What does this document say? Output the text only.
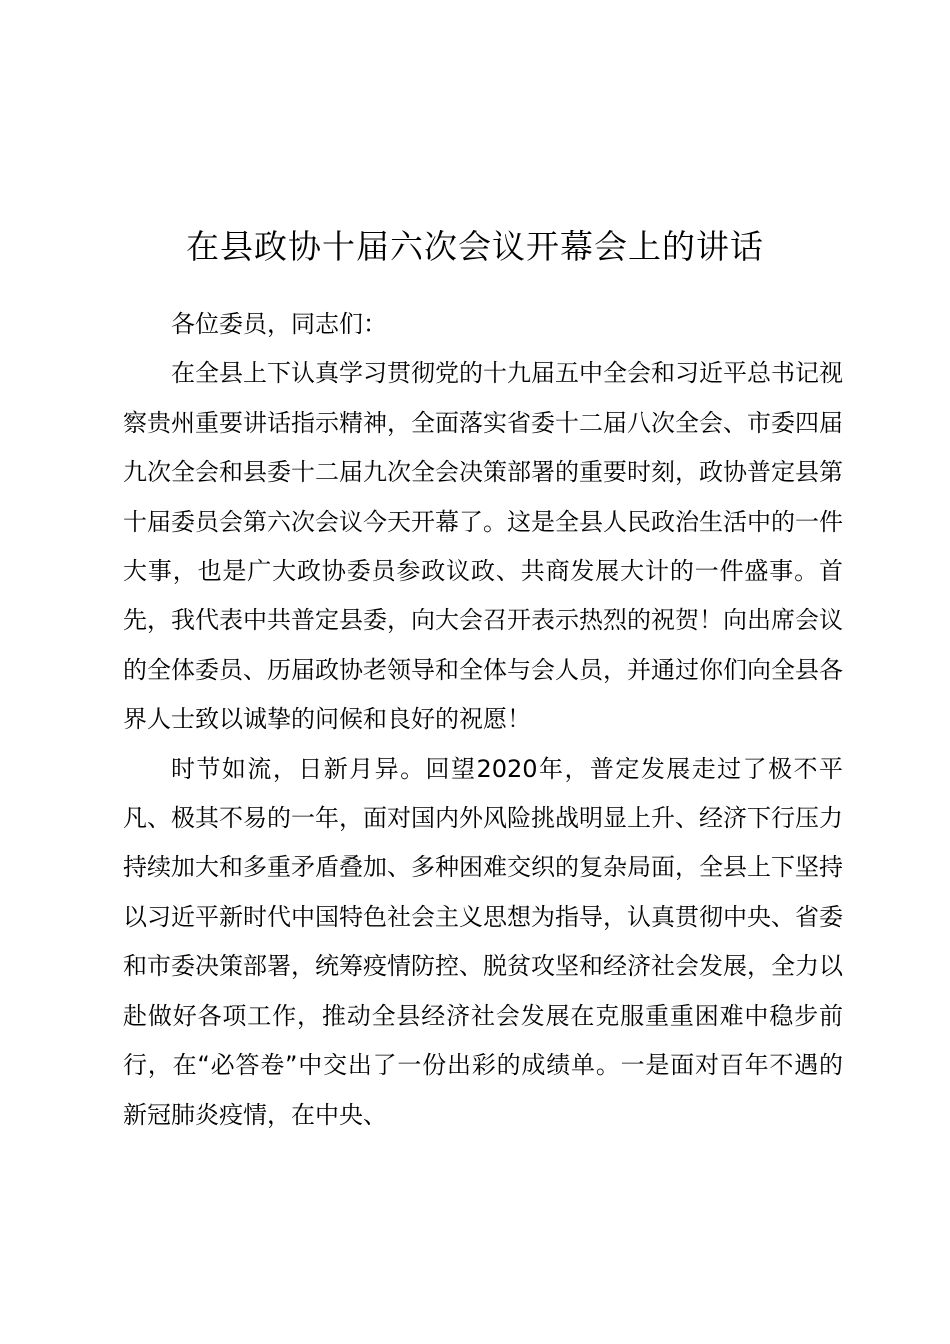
在县政协十届六次会议开幕会上的讲话

各位委员，同志们：

在全县上下认真学习贯彻党的十九届五中全会和习近平总书记视察贵州重要讲话指示精神，全面落实省委十二届八次全会、市委四届九次全会和县委十二届九次全会决策部署的重要时刻，政协普定县第十届委员会第六次会议今天开幕了。这是全县人民政治生活中的一件大事，也是广大政协委员参政议政、共商发展大计的一件盛事。首先，我代表中共普定县委，向大会召开表示热烈的祝贺！向出席会议的全体委员、历届政协老领导和全体与会人员，并通过你们向全县各界人士致以诚挚的问候和良好的祝愿！

时节如流，日新月异。回望2020年，普定发展走过了极不平凡、极其不易的一年，面对国内外风险挑战明显上升、经济下行压力持续加大和多重矛盾叠加、多种困难交织的复杂局面，全县上下坚持以习近平新时代中国特色社会主义思想为指导，认真贯彻中央、省委和市委决策部署，统筹疫情防控、脱贫攻坚和经济社会发展，全力以赴做好各项工作，推动全县经济社会发展在克服重重困难中稳步前行，在“必答卷”中交出了一份出彩的成绩单。一是面对百年不遇的新冠肺炎疫情，在中央、
